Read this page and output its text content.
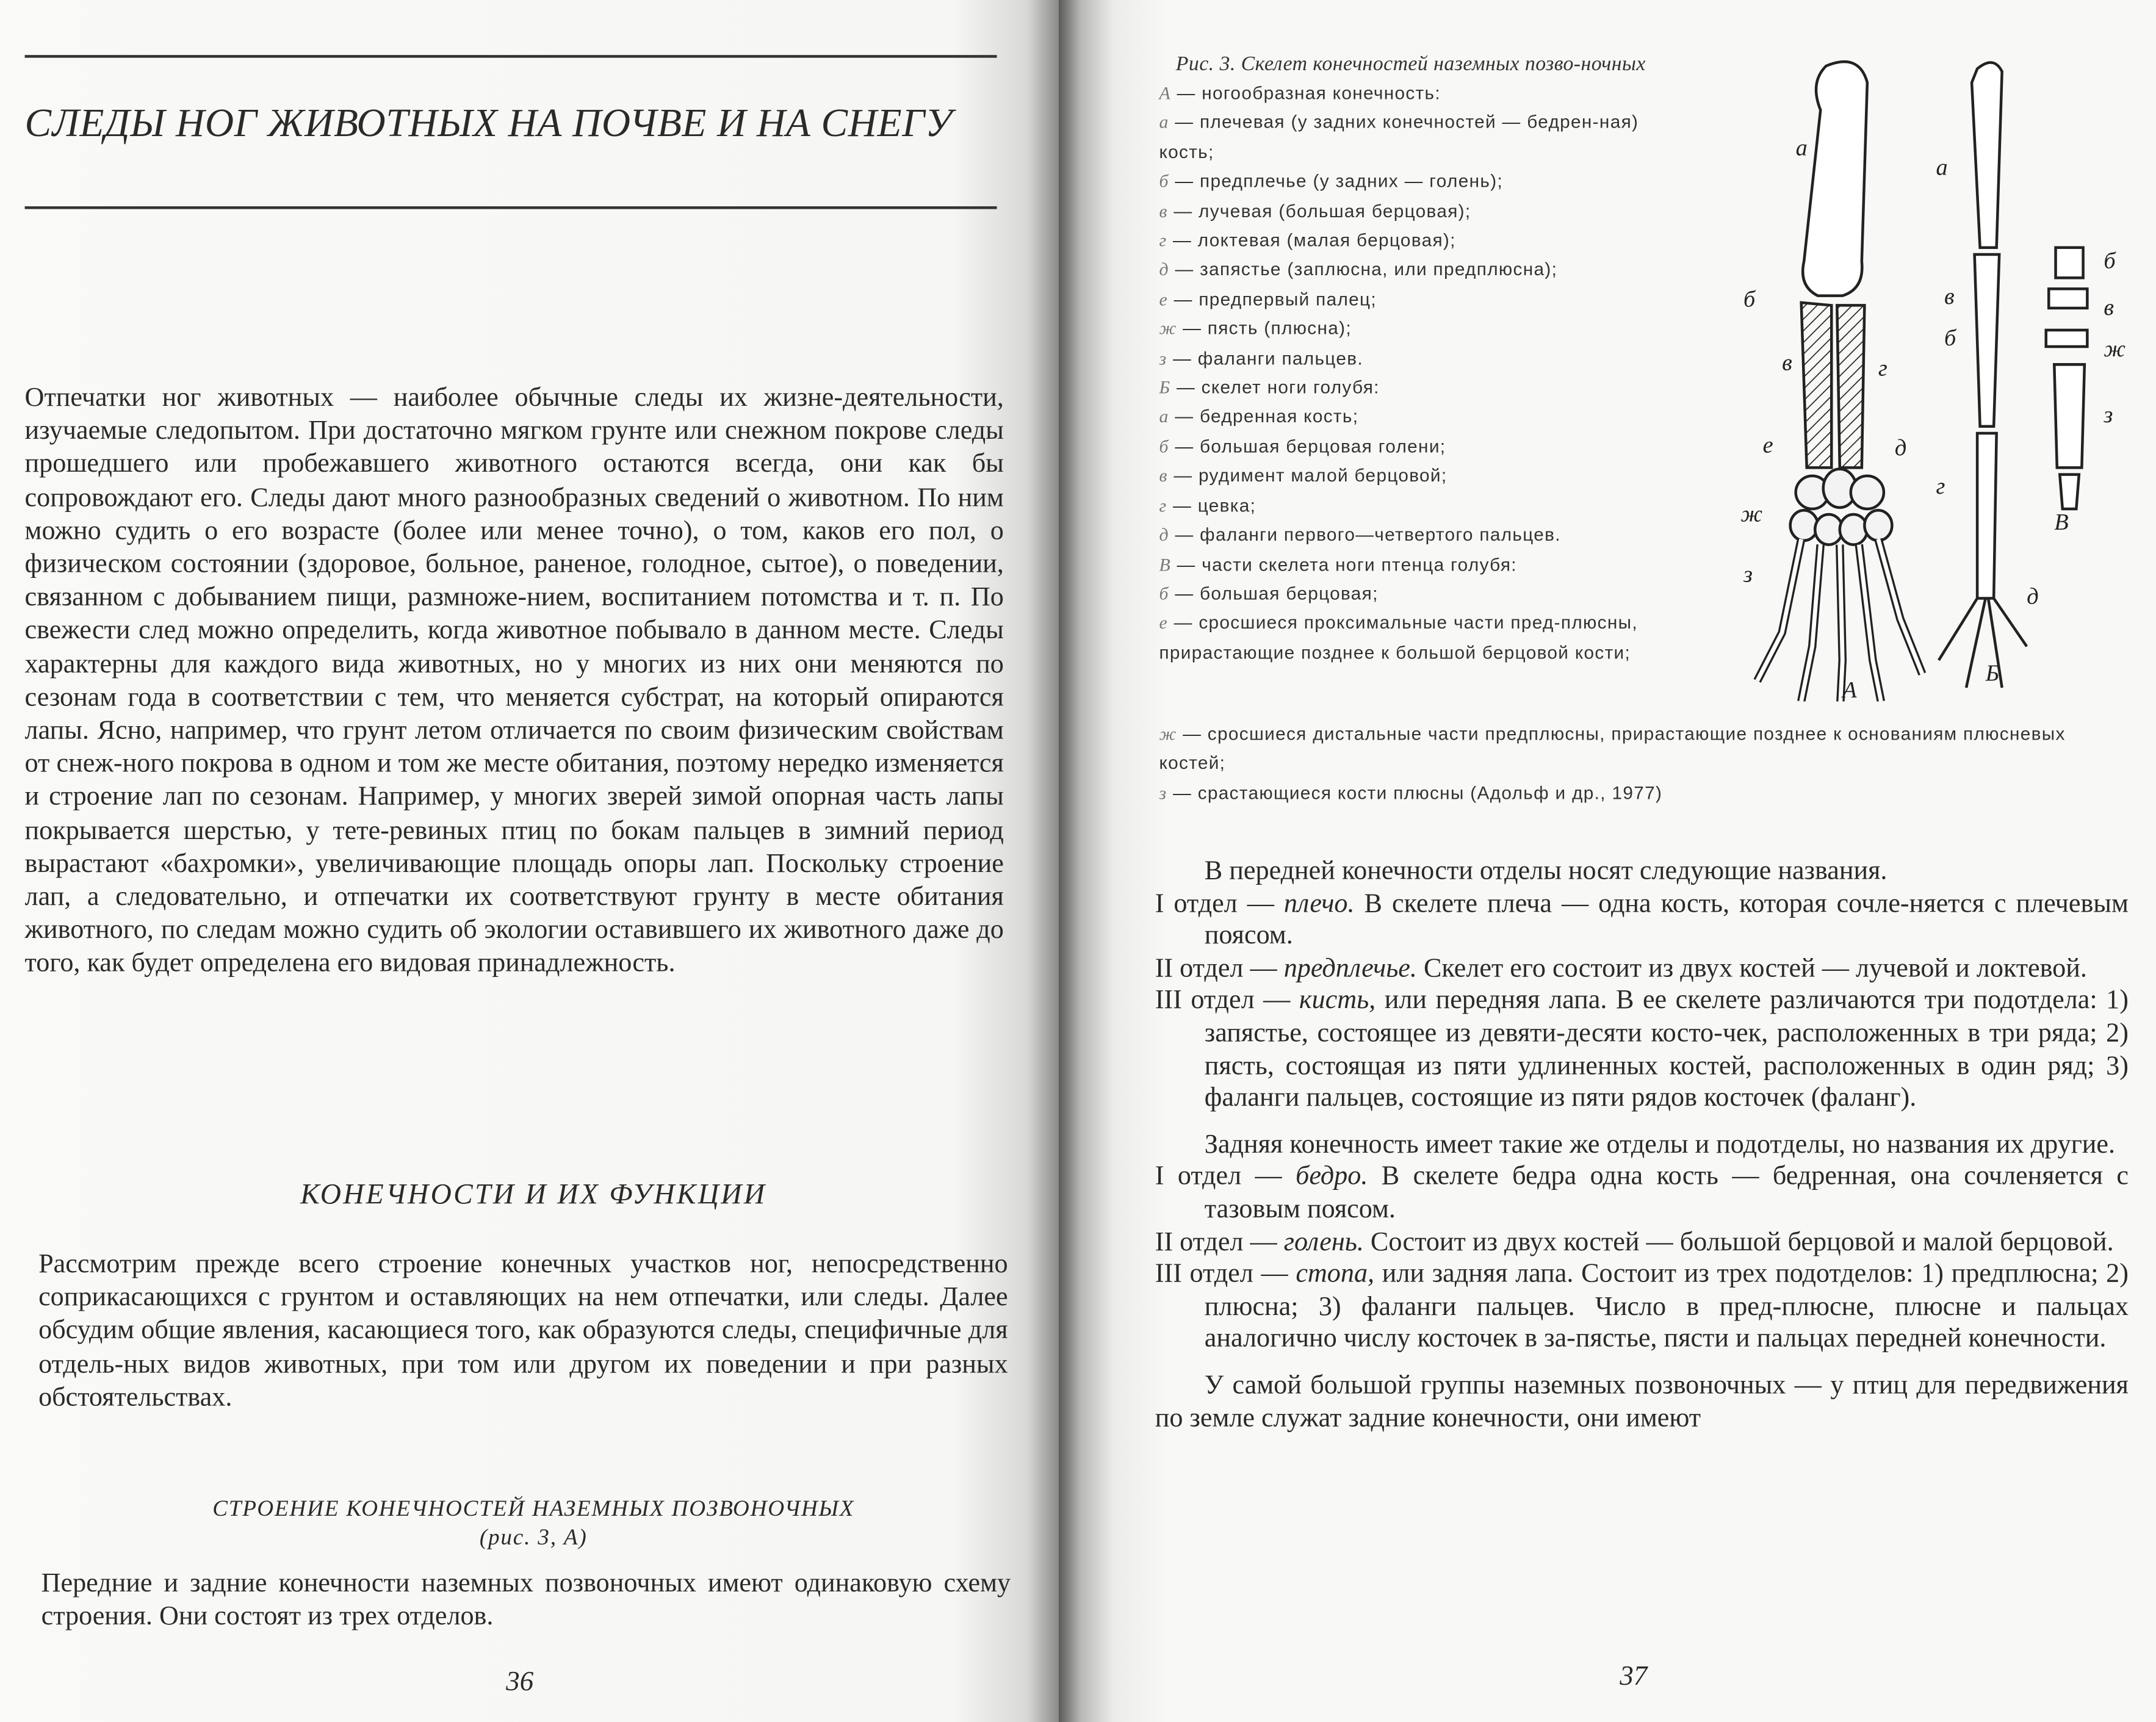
СЛЕДЫ НОГ ЖИВОТНЫХ НА ПОЧВЕ И НА СНЕГУ

Отпечатки ног животных — наиболее обычные следы их жизне-деятельности, изучаемые следопытом. При достаточно мягком грунте или снежном покрове следы прошедшего или пробежавшего животного остаются всегда, они как бы сопровождают его. Следы дают много разнообразных сведений о животном. По ним можно судить о его возрасте (более или менее точно), о том, каков его пол, о физическом состоянии (здоровое, больное, раненое, голодное, сытое), о поведении, связанном с добыванием пищи, размноже-нием, воспитанием потомства и т. п. По свежести след можно определить, когда животное побывало в данном месте. Следы характерны для каждого вида животных, но у многих из них они меняются по сезонам года в соответствии с тем, что меняется субстрат, на который опираются лапы. Ясно, например, что грунт летом отличается по своим физическим свойствам от снеж-ного покрова в одном и том же месте обитания, поэтому нередко изменяется и строение лап по сезонам. Например, у многих зверей зимой опорная часть лапы покрывается шерстью, у тете-ревиных птиц по бокам пальцев в зимний период вырастают «бахромки», увеличивающие площадь опоры лап. Поскольку строение лап, а следовательно, и отпечатки их соответствуют грунту в месте обитания животного, по следам можно судить об экологии оставившего их животного даже до того, как будет определена его видовая принадлежность.

КОНЕЧНОСТИ И ИХ ФУНКЦИИ

Рассмотрим прежде всего строение конечных участков ног, непосредственно соприкасающихся с грунтом и оставляющих на нем отпечатки, или следы. Далее обсудим общие явления, касающиеся того, как образуются следы, специфичные для отдель-ных видов животных, при том или другом их поведении и при разных обстоятельствах.

СТРОЕНИЕ КОНЕЧНОСТЕЙ НАЗЕМНЫХ ПОЗВОНОЧНЫХ
(рис. 3, А)

Передние и задние конечности наземных позвоночных имеют одинаковую схему строения. Они состоят из трех отделов.

36
Рис. 3. Скелет конечностей наземных позво-ночных
А — ногообразная конечность:
а — плечевая (у задних конечностей — бедрен-ная) кость;
б — предплечье (у задних — голень);
в — лучевая (большая берцовая);
г — локтевая (малая берцовая);
д — запястье (заплюсна, или предплюсна);
е — предпервый палец;
ж — пясть (плюсна);
з — фаланги пальцев.
Б — скелет ноги голубя:
а — бедренная кость;
б — большая берцовая голени;
в — рудимент малой берцовой;
г — цевка;
д — фаланги первого—четвертого пальцев.
В — части скелета ноги птенца голубя:
б — большая берцовая;
е — сросшиеся проксимальные части пред-плюсны, прирастающие позднее к большой берцовой кости;
ж — сросшиеся дистальные части предплюсны, прирастающие позднее к основаниям плюсневых костей;
з — срастающиеся кости плюсны (Адольф и др., 1977)
а
б
в	г
е	д
ж
з
А
а
в
б
г
д
Б
б
в
ж
з
В

В передней конечности отделы носят следующие названия.

I отдел — плечо. В скелете плеча — одна кость, которая сочле-няется с плечевым поясом.

II отдел — предплечье. Скелет его состоит из двух костей — лучевой и локтевой.

III отдел — кисть, или передняя лапа. В ее скелете различаются три подотдела: 1) запястье, состоящее из девяти-десяти косто-чек, расположенных в три ряда; 2) пясть, состоящая из пяти удлиненных костей, расположенных в один ряд; 3) фаланги пальцев, состоящие из пяти рядов косточек (фаланг).

Задняя конечность имеет такие же отделы и подотделы, но названия их другие.

I отдел — бедро. В скелете бедра одна кость — бедренная, она сочленяется с тазовым поясом.

II отдел — голень. Состоит из двух костей — большой берцовой и малой берцовой.

III отдел — стопа, или задняя лапа. Состоит из трех подотделов: 1) предплюсна; 2) плюсна; 3) фаланги пальцев. Число в пред-плюсне, плюсне и пальцах аналогично числу косточек в за-пястье, пясти и пальцах передней конечности.

У самой большой группы наземных позвоночных — у птиц для передвижения по земле служат задние конечности, они имеют

37
